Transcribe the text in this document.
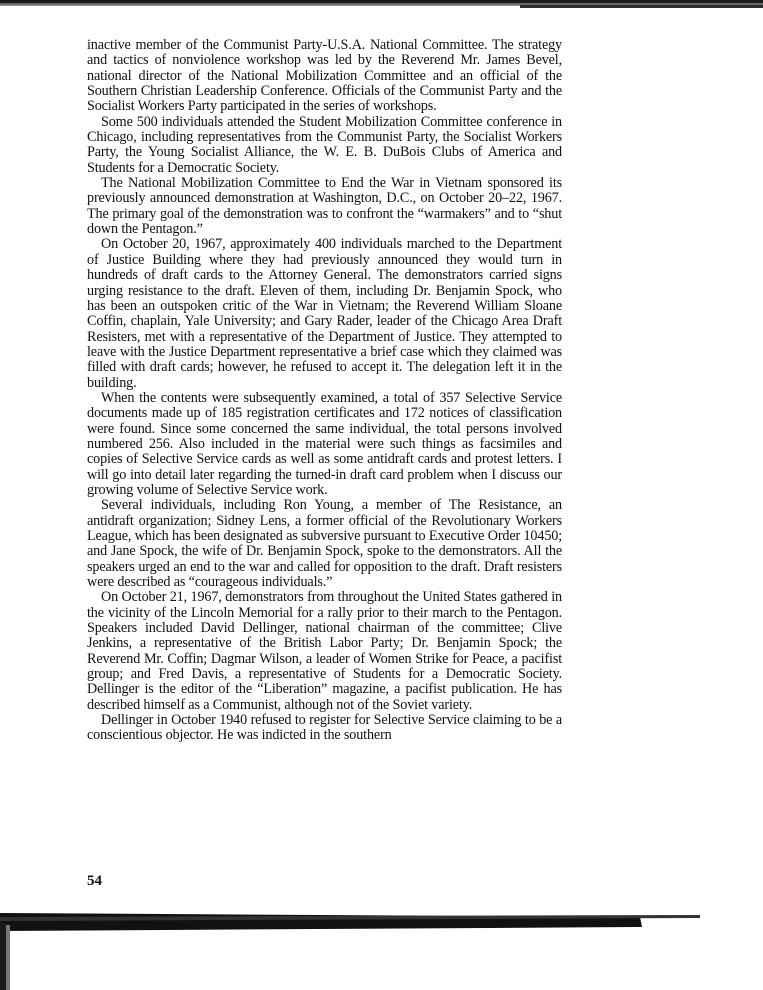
inactive member of the Communist Party-U.S.A. National Committee. The strategy and tactics of nonviolence workshop was led by the Reverend Mr. James Bevel, national director of the National Mobilization Committee and an official of the Southern Christian Leadership Conference. Officials of the Communist Party and the Socialist Workers Party participated in the series of workshops.

Some 500 individuals attended the Student Mobilization Committee conference in Chicago, including representatives from the Communist Party, the Socialist Workers Party, the Young Socialist Alliance, the W. E. B. DuBois Clubs of America and Students for a Democratic Society.

The National Mobilization Committee to End the War in Vietnam sponsored its previously announced demonstration at Washington, D.C., on October 20–22, 1967. The primary goal of the demonstration was to confront the “warmakers” and to “shut down the Pentagon.”

On October 20, 1967, approximately 400 individuals marched to the Department of Justice Building where they had previously announced they would turn in hundreds of draft cards to the Attorney General. The demonstrators carried signs urging resistance to the draft. Eleven of them, including Dr. Benjamin Spock, who has been an outspoken critic of the War in Vietnam; the Reverend William Sloane Coffin, chaplain, Yale University; and Gary Rader, leader of the Chicago Area Draft Resisters, met with a representative of the Department of Justice. They attempted to leave with the Justice Department representative a brief case which they claimed was filled with draft cards; however, he refused to accept it. The delegation left it in the building.

When the contents were subsequently examined, a total of 357 Selective Service documents made up of 185 registration certificates and 172 notices of classification were found. Since some concerned the same individual, the total persons involved numbered 256. Also included in the material were such things as facsimiles and copies of Selective Service cards as well as some antidraft cards and protest letters. I will go into detail later regarding the turned-in draft card problem when I discuss our growing volume of Selective Service work.

Several individuals, including Ron Young, a member of The Resistance, an antidraft organization; Sidney Lens, a former official of the Revolutionary Workers League, which has been designated as subversive pursuant to Executive Order 10450; and Jane Spock, the wife of Dr. Benjamin Spock, spoke to the demonstrators. All the speakers urged an end to the war and called for opposition to the draft. Draft resisters were described as “courageous individuals.”

On October 21, 1967, demonstrators from throughout the United States gathered in the vicinity of the Lincoln Memorial for a rally prior to their march to the Pentagon. Speakers included David Dellinger, national chairman of the committee; Clive Jenkins, a representative of the British Labor Party; Dr. Benjamin Spock; the Reverend Mr. Coffin; Dagmar Wilson, a leader of Women Strike for Peace, a pacifist group; and Fred Davis, a representative of Students for a Democratic Society. Dellinger is the editor of the “Liberation” magazine, a pacifist publication. He has described himself as a Communist, although not of the Soviet variety.

Dellinger in October 1940 refused to register for Selective Service claiming to be a conscientious objector. He was indicted in the southern

54
